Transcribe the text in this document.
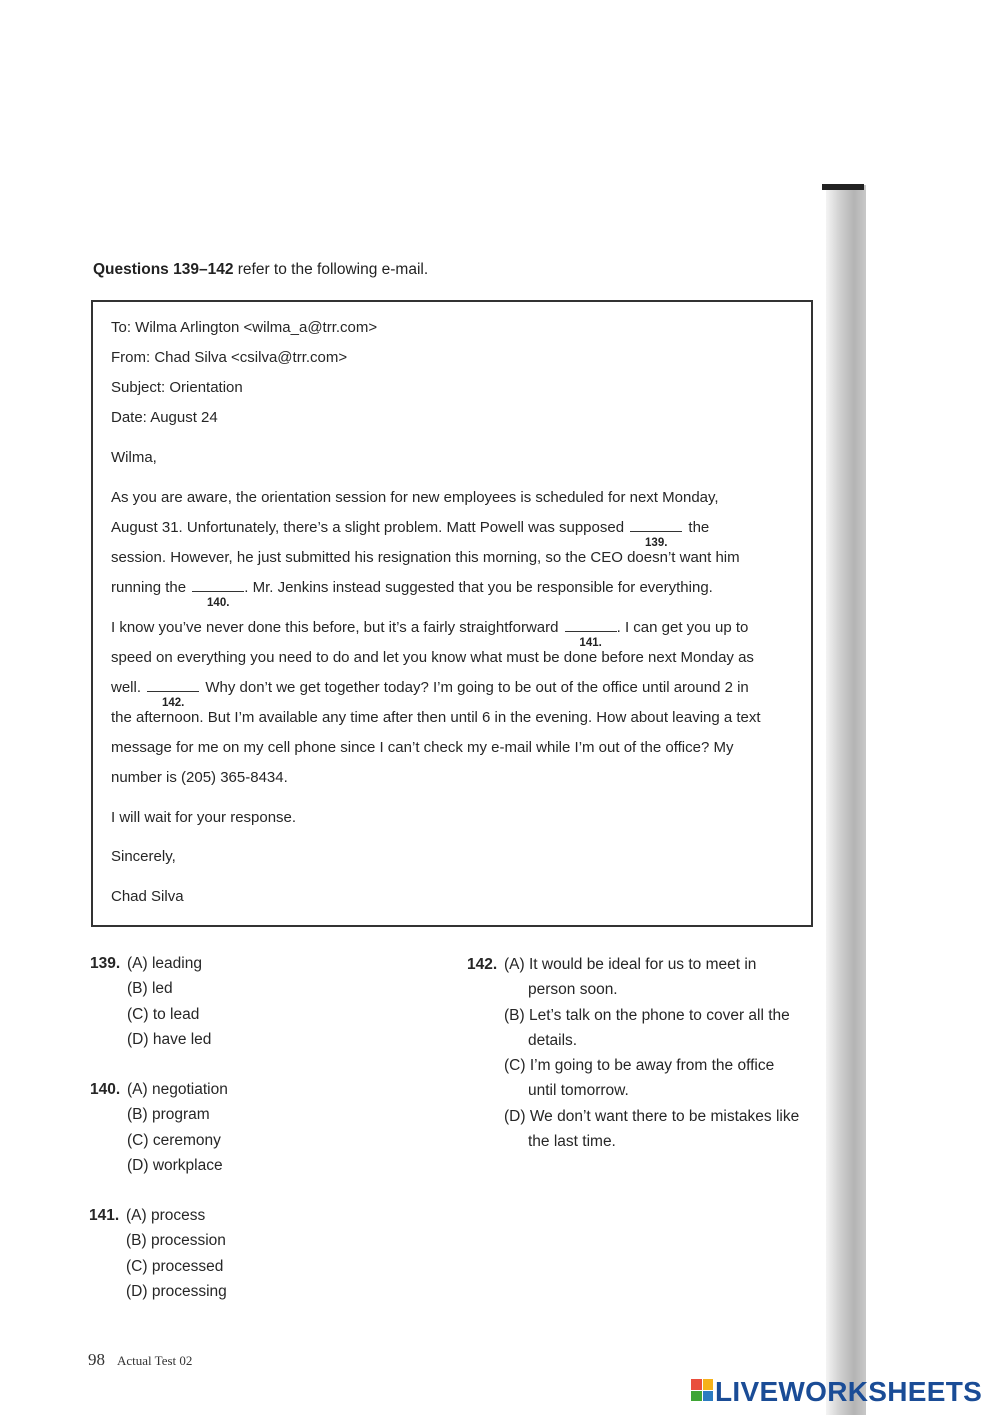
Questions 139–142 refer to the following e-mail.
To: Wilma Arlington <wilma_a@trr.com>
From: Chad Silva <csilva@trr.com>
Subject: Orientation
Date: August 24
Wilma,
As you are aware, the orientation session for new employees is scheduled for next Monday,
August 31. Unfortunately, there’s a slight problem. Matt Powell was supposed
139.
the
session. However, he just submitted his resignation this morning, so the CEO doesn’t want him
running the
140.
. Mr. Jenkins instead suggested that you be responsible for everything.
I know you’ve never done this before, but it’s a fairly straightforward
141.
. I can get you up to
speed on everything you need to do and let you know what must be done before next Monday as
well.
142.
Why don’t we get together today? I’m going to be out of the office until around 2 in
the afternoon. But I’m available any time after then until 6 in the evening. How about leaving a text
message for me on my cell phone since I can’t check my e-mail while I’m out of the office? My
number is (205) 365-8434.
I will wait for your response.
Sincerely,
Chad Silva
139. (A) leading
(B) led
(C) to lead
(D) have led
140. (A) negotiation
(B) program
(C) ceremony
(D) workplace
141. (A) process
(B) procession
(C) processed
(D) processing
142. (A) It would be ideal for us to meet in
person soon.
(B) Let’s talk on the phone to cover all the
details.
(C) I’m going to be away from the office
until tomorrow.
(D) We don’t want there to be mistakes like
the last time.
98 Actual Test 02
LIVEWORKSHEETS
